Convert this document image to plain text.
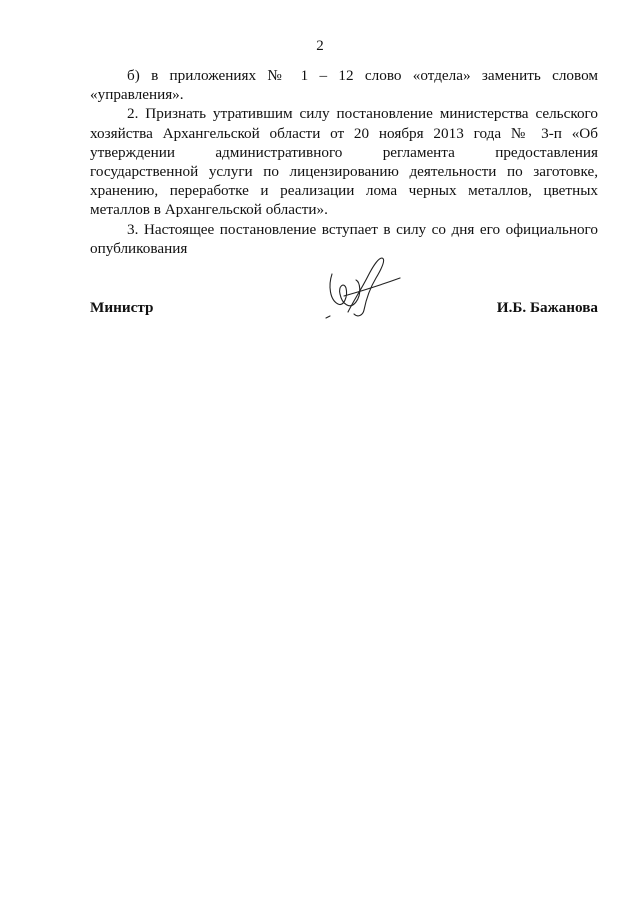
2

б) в приложениях № 1 – 12 слово «отдела» заменить словом «управления».

2. Признать утратившим силу постановление министерства сельского хозяйства Архангельской области от 20 ноября 2013 года № 3-п «Об утверждении административного регламента предоставления государственной услуги по лицензированию деятельности по заготовке, хранению, переработке и реализации лома черных металлов, цветных металлов в Архангельской области».

3. Настоящее постановление вступает в силу со дня его официального опубликования

Министр	И.Б. Бажанова
